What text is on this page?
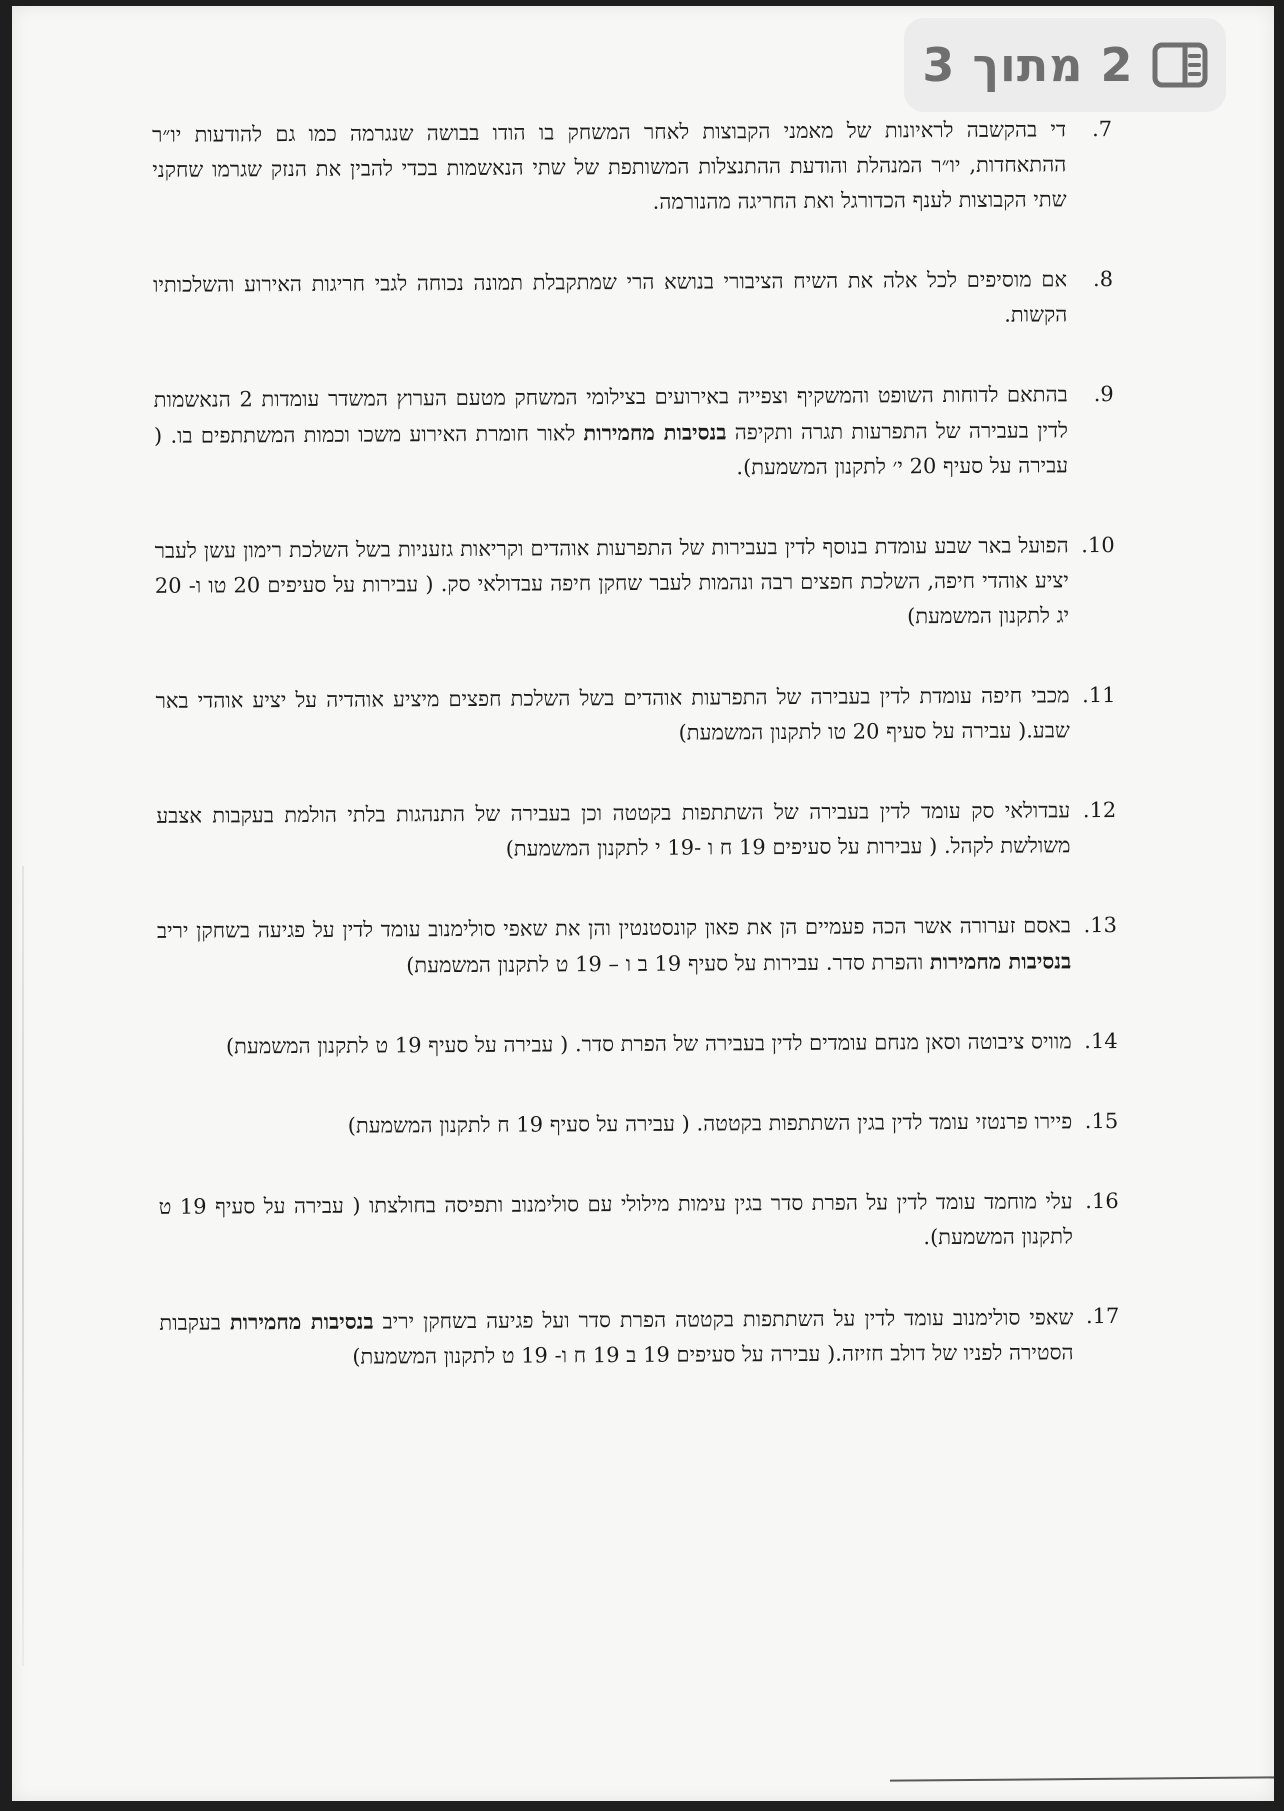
7.
די בהקשבה לראיונות של מאמני הקבוצות לאחר המשחק בו הודו בבושה שנגרמה כמו גם להודעות יו״ר ההתאחדות, יו״ר המנהלת והודעת ההתנצלות המשותפת של שתי הנאשמות בכדי להבין את הנזק שגרמו שחקני שתי הקבוצות לענף הכדורגל ואת החריגה מהנורמה.
8.
אם מוסיפים לכל אלה את השיח הציבורי בנושא הרי שמתקבלת תמונה נכוחה לגבי חריגות האירוע והשלכותיו הקשות.
9.
בהתאם לדוחות השופט והמשקיף וצפייה באירועים בצילומי המשחק מטעם הערוץ המשדר עומדות 2 הנאשמות לדין בעבירה של התפרעות תגרה ותקיפה בנסיבות מחמירות לאור חומרת האירוע משכו וכמות המשתתפים בו. ( עבירה על סעיף 20 י׳ לתקנון המשמעת).
10.
הפועל באר שבע עומדת בנוסף לדין בעבירות של התפרעות אוהדים וקריאות גזעניות בשל השלכת רימון עשן לעבר יציע אוהדי חיפה, השלכת חפצים רבה ונהמות לעבר שחקן חיפה עבדולאי סק. ( עבירות על סעיפים 20 טו ו- 20 יג לתקנון המשמעת)
11.
מכבי חיפה עומדת לדין בעבירה של התפרעות אוהדים בשל השלכת חפצים מיציע אוהדיה על יציע אוהדי באר שבע.( עבירה על סעיף 20 טו לתקנון המשמעת)
12.
עבדולאי סק עומד לדין בעבירה של השתתפות בקטטה וכן בעבירה של התנהגות בלתי הולמת בעקבות אצבע משולשת לקהל. ( עבירות על סעיפים 19 ח ו -19 י לתקנון המשמעת)
13.
באסם זערורה אשר הכה פעמיים הן את פאון קונסטנטין והן את שאפי סולימנוב עומד לדין על פגיעה בשחקן יריב בנסיבות מחמירות והפרת סדר. עבירות על סעיף 19 ב ו – 19 ט לתקנון המשמעת)
14.
מוויס ציבוטה וסאן מנחם עומדים לדין בעבירה של הפרת סדר. ( עבירה על סעיף 19 ט לתקנון המשמעת)
15.
פיירו פרנטזי עומד לדין בגין השתתפות בקטטה. ( עבירה על סעיף 19 ח לתקנון המשמעת)
16.
עלי מוחמד עומד לדין על הפרת סדר בגין עימות מילולי עם סולימנוב ותפיסה בחולצתו ( עבירה על סעיף 19 ט לתקנון המשמעת).
17.
שאפי סולימנוב עומד לדין על השתתפות בקטטה הפרת סדר ועל פגיעה בשחקן יריב בנסיבות מחמירות בעקבות הסטירה לפניו של דולב חזיזה.( עבירה על סעיפים 19 ב 19 ח ו- 19 ט לתקנון המשמעת)
2 מתוך 3
